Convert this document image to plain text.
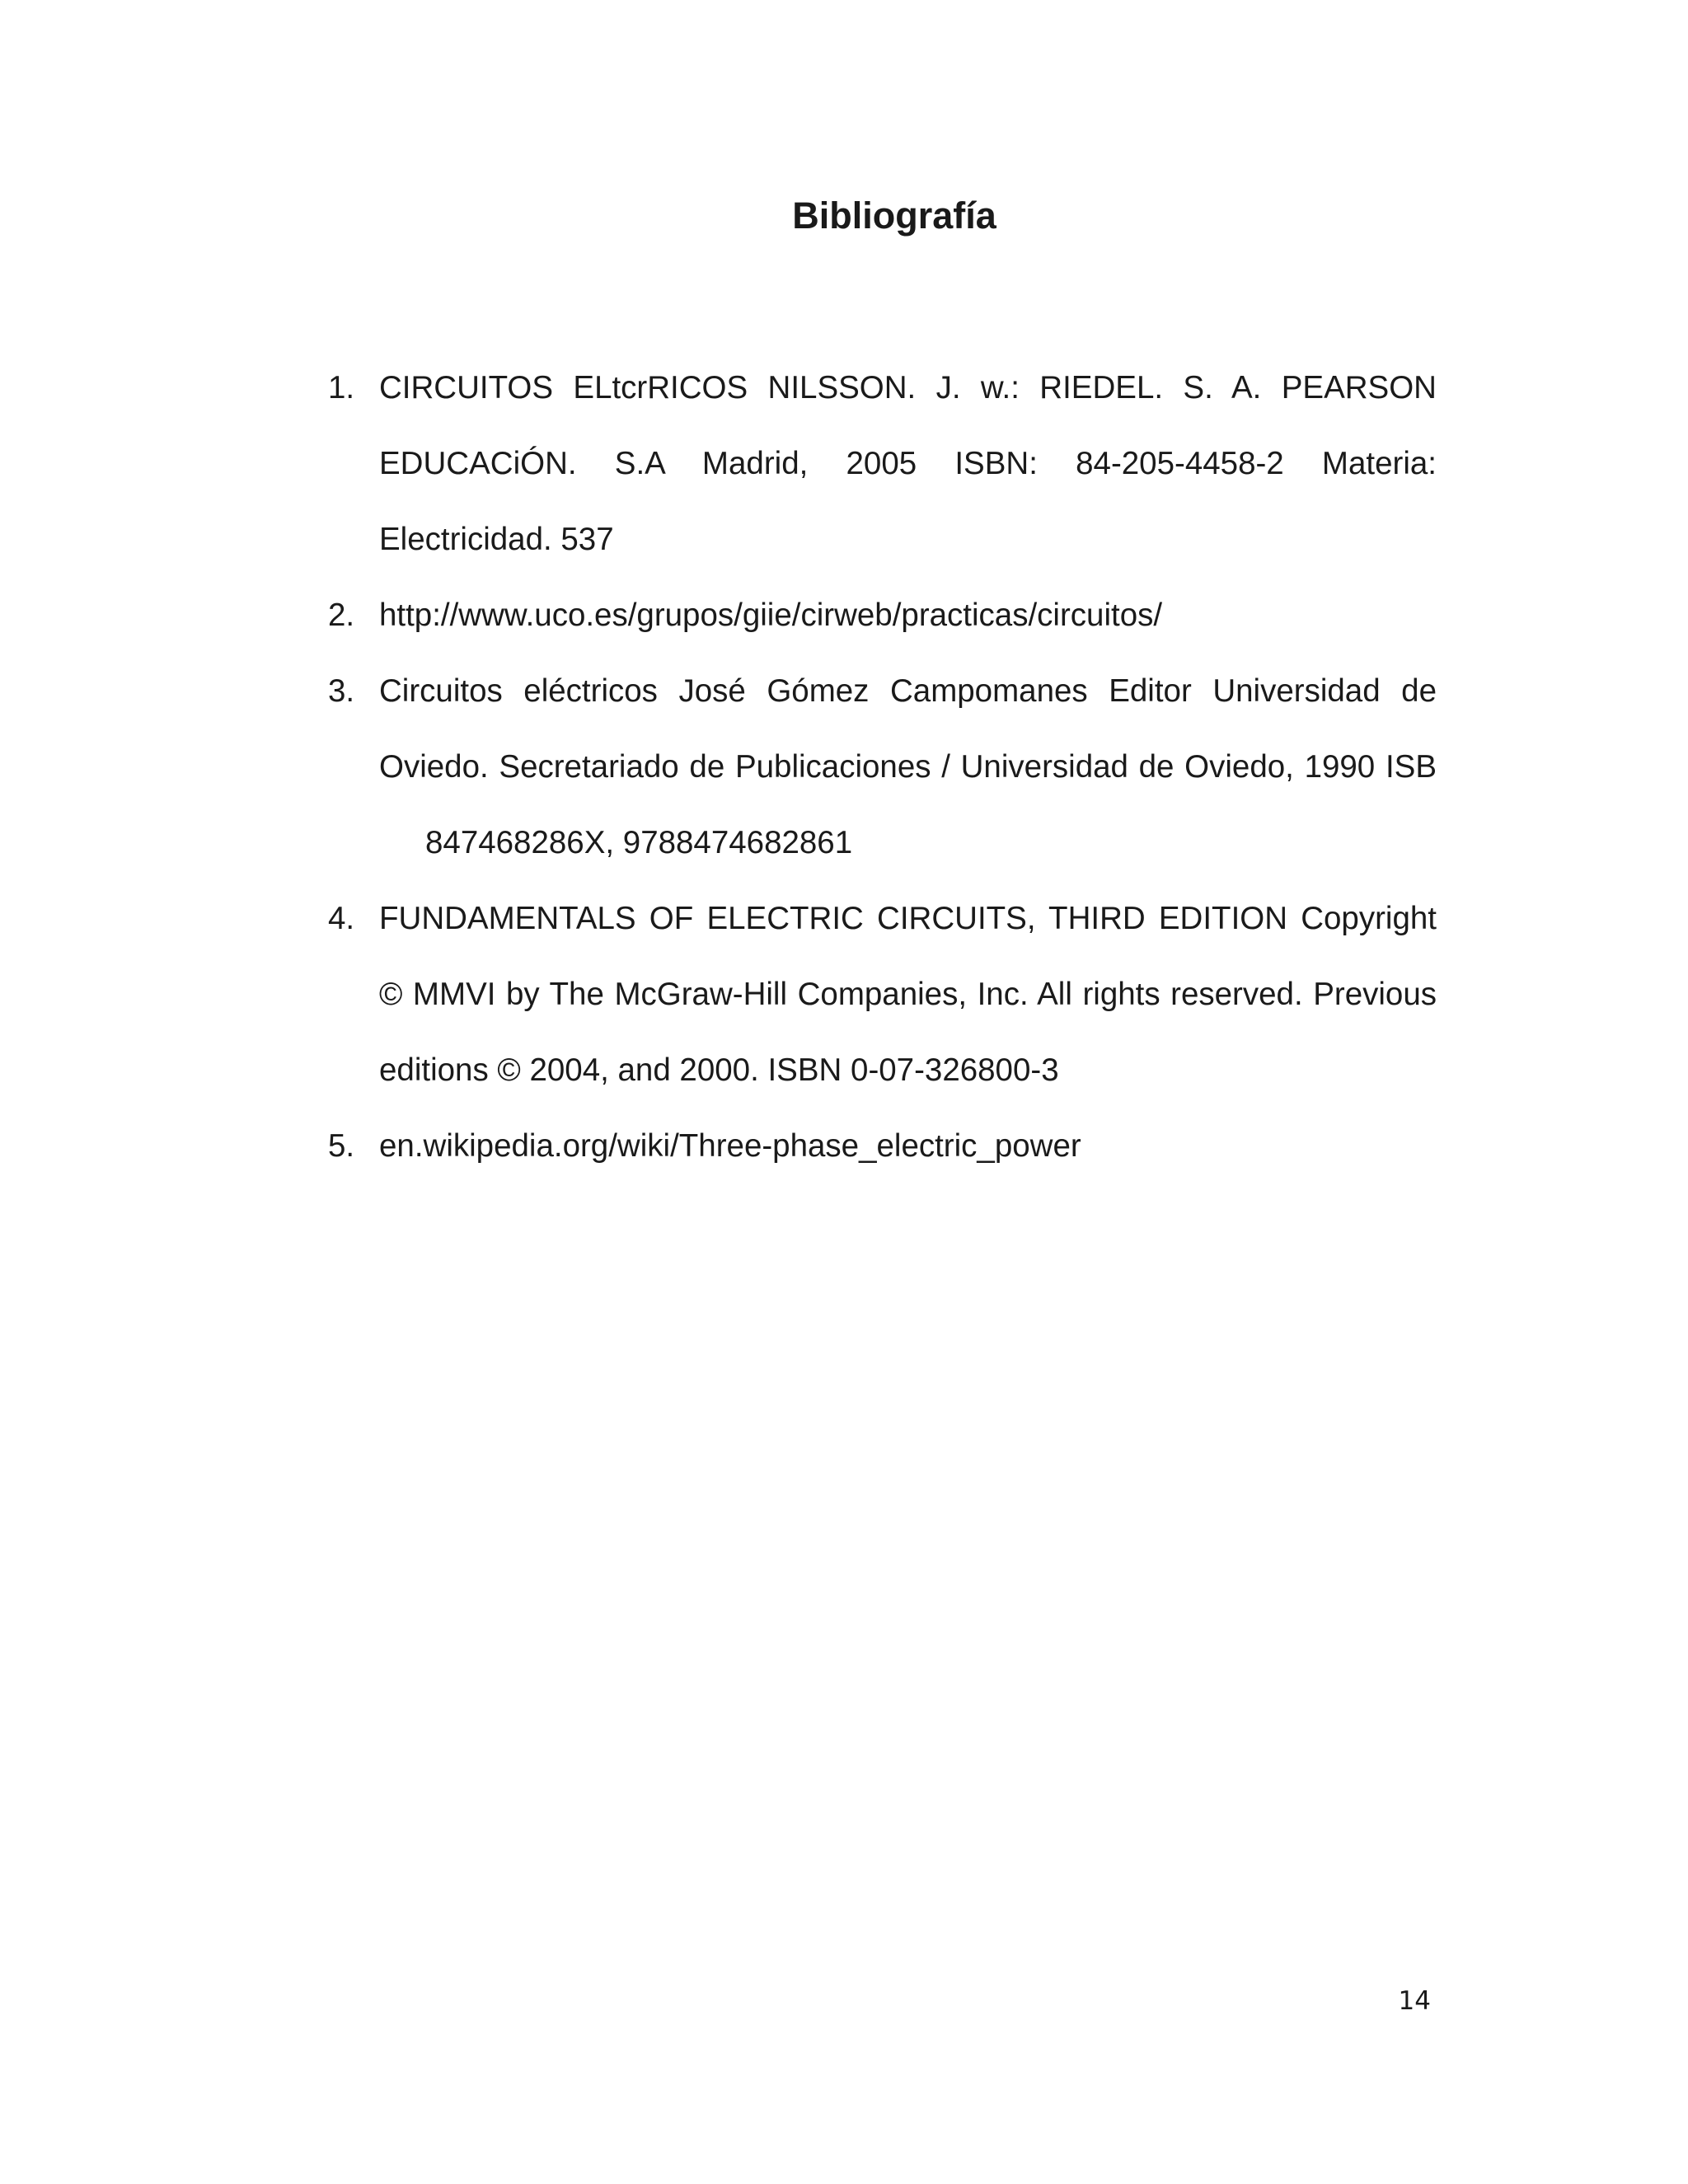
Bibliografía
1. CIRCUITOS ELtcrRICOS NILSSON. J. w.: RIEDEL. S. A. PEARSON
EDUCACiÓN. S.A Madrid, 2005 ISBN: 84-205-4458-2 Materia:
Electricidad. 537
2. http://www.uco.es/grupos/giie/cirweb/practicas/circuitos/
3. Circuitos eléctricos José Gómez Campomanes Editor Universidad de
Oviedo. Secretariado de Publicaciones / Universidad de Oviedo, 1990 ISB
847468286X, 9788474682861
4. FUNDAMENTALS OF ELECTRIC CIRCUITS, THIRD EDITION Copyright
© MMVI by The McGraw-Hill Companies, Inc. All rights reserved. Previous
editions © 2004, and 2000. ISBN 0-07-326800-3
5. en.wikipedia.org/wiki/Three-phase_electric_power
14
